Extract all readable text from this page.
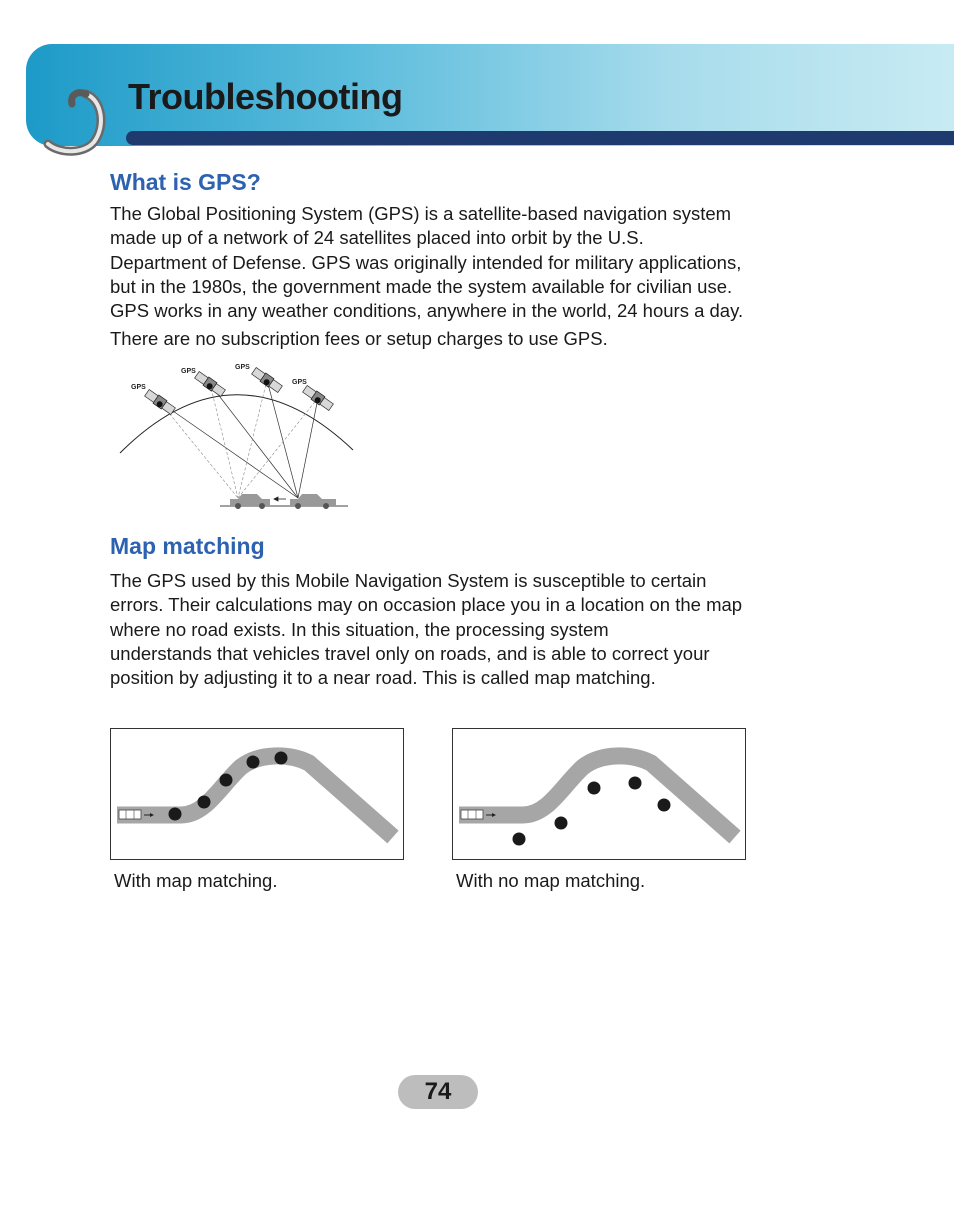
Troubleshooting
What is GPS?

The Global Positioning System (GPS) is a satellite-based navigation system
made up of a network of 24 satellites placed into orbit by the U.S.
Department of Defense. GPS was originally intended for military applications,
but in the 1980s, the government made the system available for civilian use.
GPS works in any weather conditions, anywhere in the world, 24 hours a day.

There are no subscription fees or setup charges to use GPS.

GPS
GPS
GPS
GPS
Map matching

The GPS used by this Mobile Navigation System is susceptible to certain
errors. Their calculations may on occasion place you in a location on the map
where no road exists. In this situation, the processing system
understands that vehicles travel only on roads, and is able to correct your
position by adjusting it to a near road. This is called map matching.

With map matching.	With no map matching.

74
